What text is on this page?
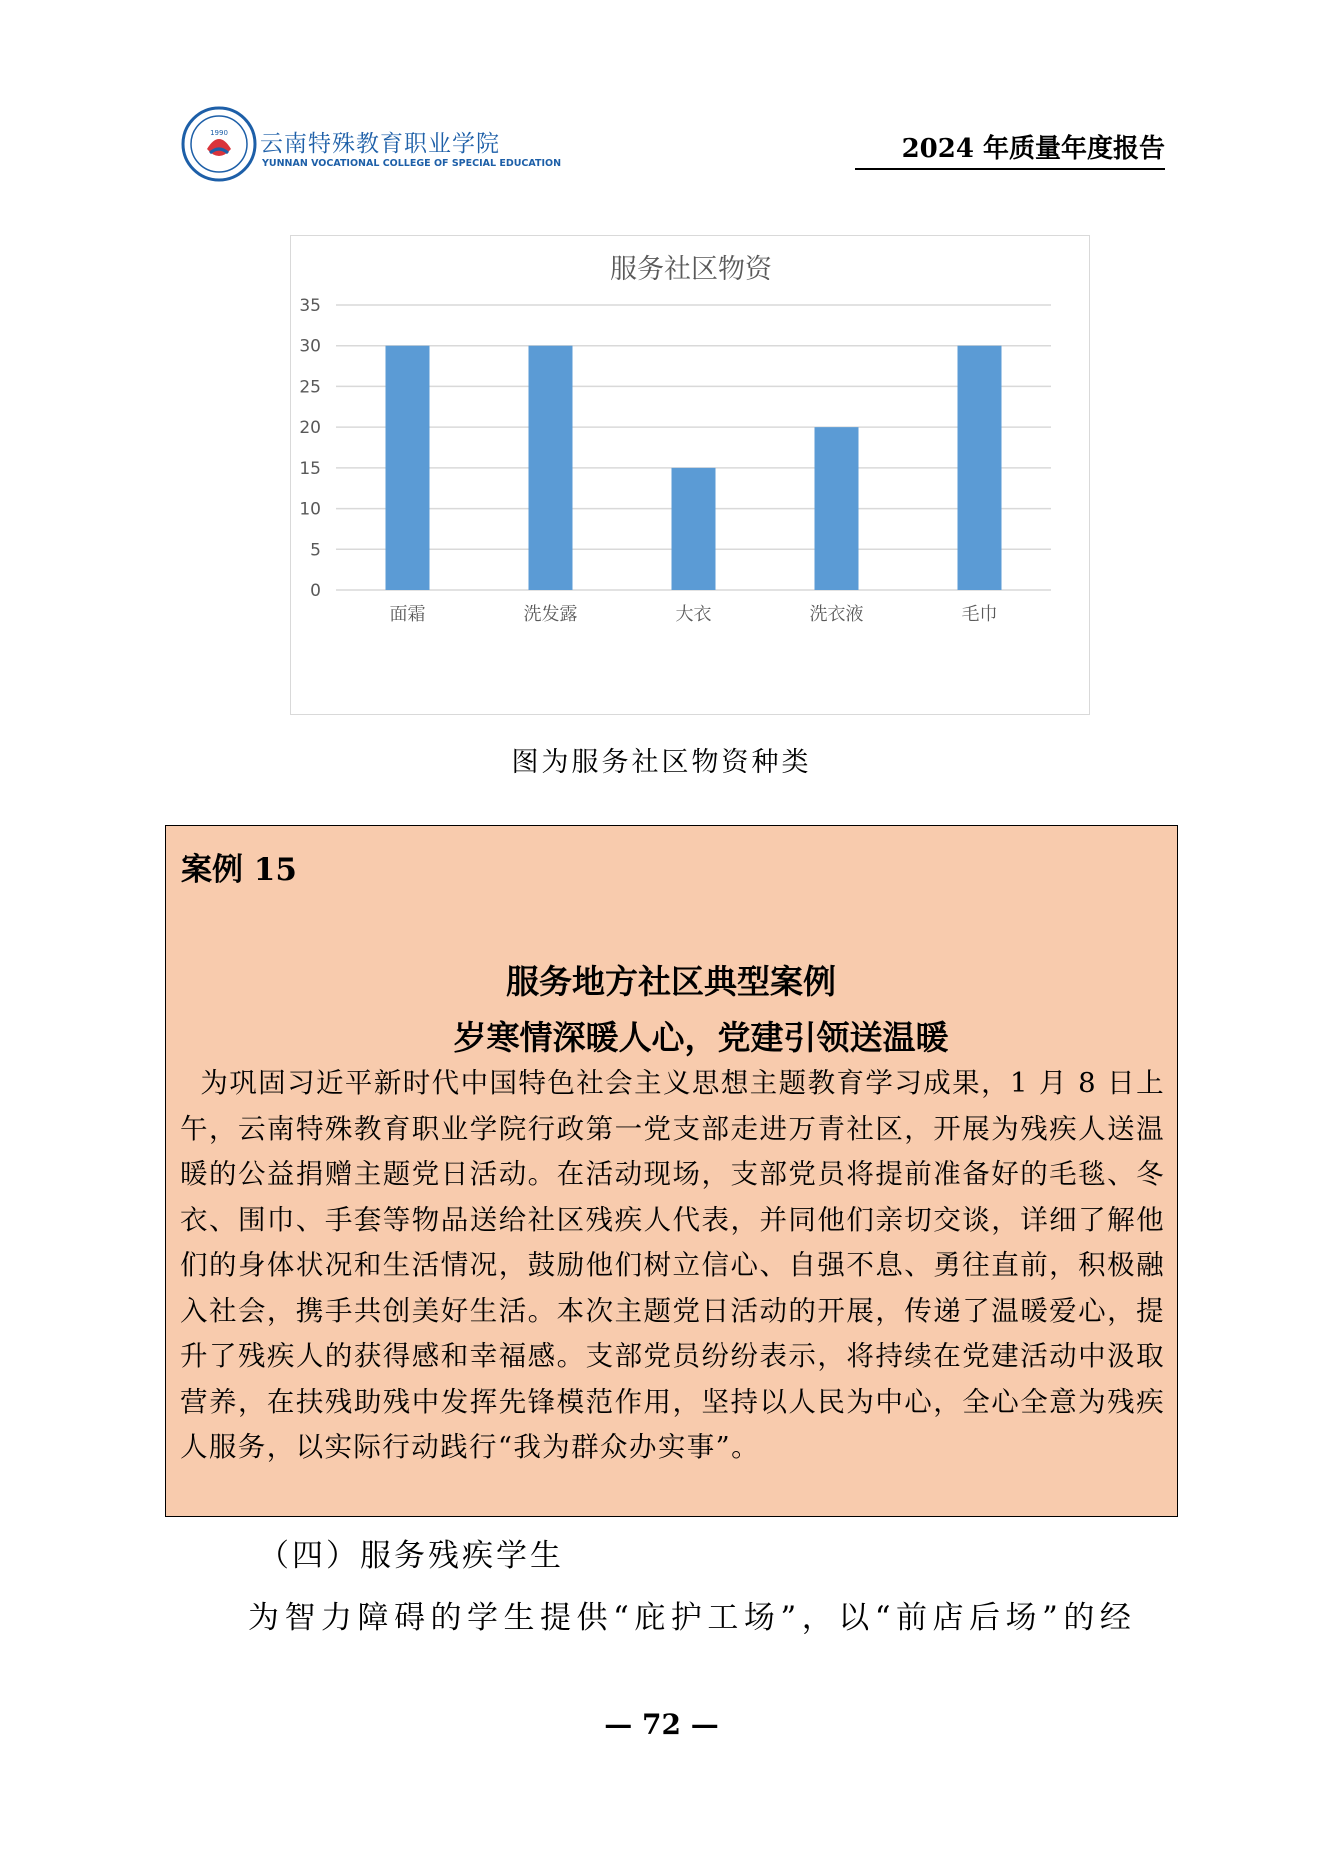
1990 云南特殊教育职业学院
YUNNAN VOCATIONAL COLLEGE OF SPECIAL EDUCATION	2024 年质量年度报告
服务社区物资
0
5
10
15
20
25
30
35
面霜	洗发露	大衣	洗衣液	毛巾
图为服务社区物资种类
案例 15
服务地方社区典型案例
岁寒情深暖人心，党建引领送温暖
为巩固习近平新时代中国特色社会主义思想主题教育学习成果，1 月 8 日上午，云南特殊教育职业学院行政第一党支部走进万青社区，开展为残疾人送温暖的公益捐赠主题党日活动。在活动现场，支部党员将提前准备好的毛毯、冬衣、围巾、手套等物品送给社区残疾人代表，并同他们亲切交谈，详细了解他们的身体状况和生活情况，鼓励他们树立信心、自强不息、勇往直前，积极融入社会，携手共创美好生活。本次主题党日活动的开展，传递了温暖爱心，提升了残疾人的获得感和幸福感。支部党员纷纷表示，将持续在党建活动中汲取营养，在扶残助残中发挥先锋模范作用，坚持以人民为中心，全心全意为残疾人服务，以实际行动践行“我为群众办实事”。
（四）服务残疾学生
为智力障碍的学生提供“庇护工场”，以“前店后场”的经
— 72 —
